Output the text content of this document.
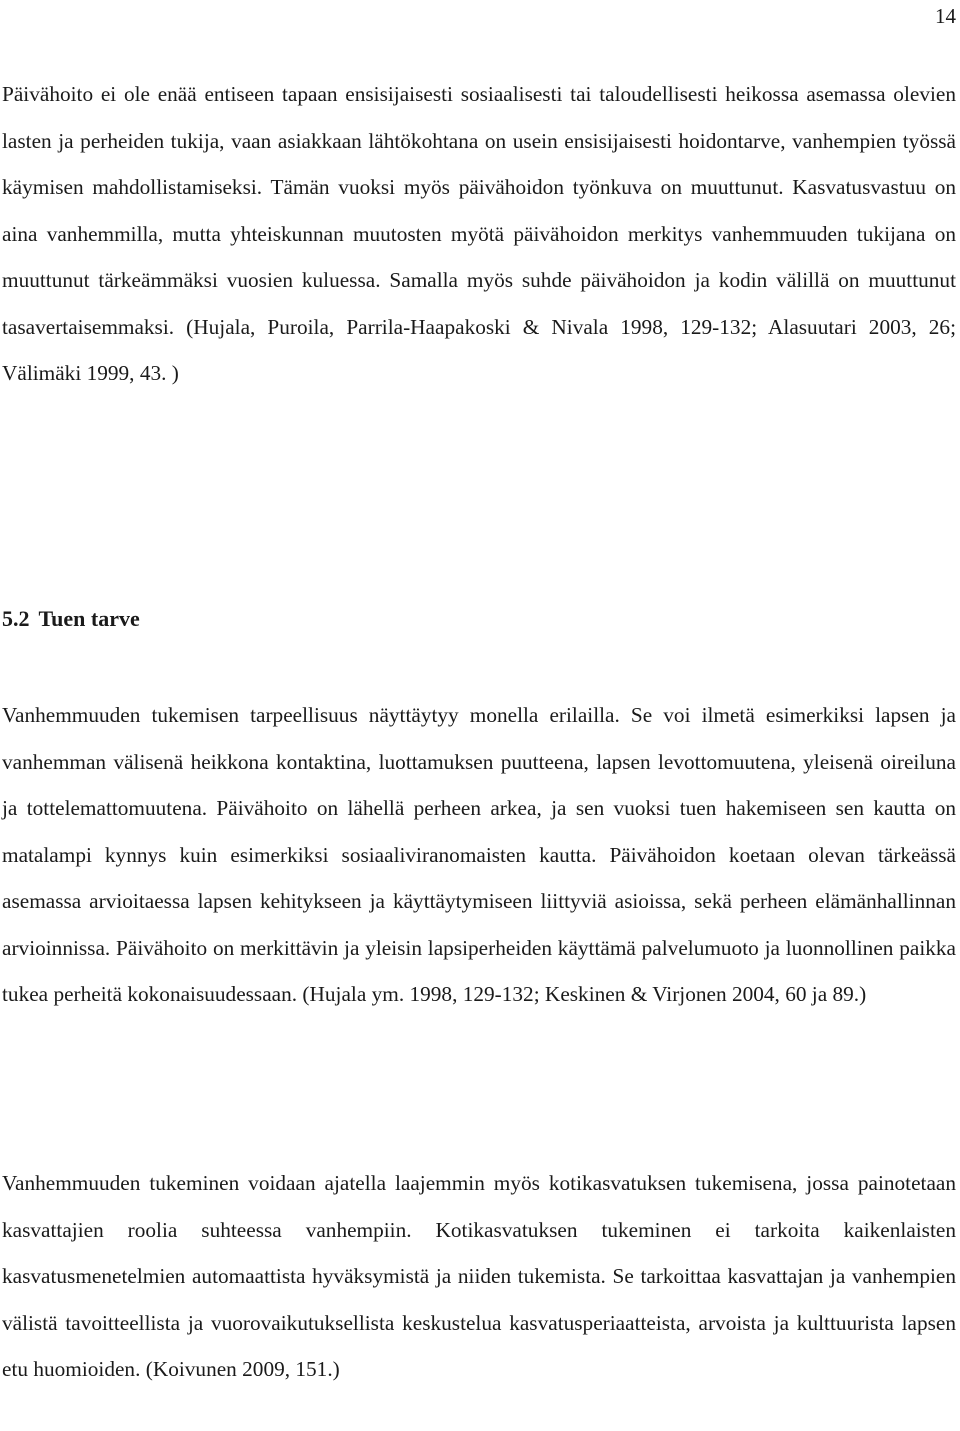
14

Päivähoito ei ole enää entiseen tapaan ensisijaisesti sosiaalisesti tai taloudellisesti heikossa asemassa olevien lasten ja perheiden tukija, vaan asiakkaan lähtökohtana on usein ensisijaisesti hoidontarve, vanhempien työssä käymisen mahdollistamiseksi. Tämän vuoksi myös päivähoidon työnkuva on muuttunut. Kasvatusvastuu on aina vanhemmilla, mutta yhteiskunnan muutosten myötä päivähoidon merkitys vanhemmuuden tukijana on muuttunut tärkeämmäksi vuosien kuluessa. Samalla myös suhde päivähoidon ja kodin välillä on muuttunut tasavertaisemmaksi. (Hujala, Puroila, Parrila-Haapakoski & Nivala 1998, 129-132; Alasuutari 2003, 26; Välimäki 1999, 43. )

5.2 Tuen tarve

Vanhemmuuden tukemisen tarpeellisuus näyttäytyy monella erilailla. Se voi ilmetä esimerkiksi lapsen ja vanhemman välisenä heikkona kontaktina, luottamuksen puutteena, lapsen levottomuutena, yleisenä oireiluna ja tottelemattomuutena. Päivähoito on lähellä perheen arkea, ja sen vuoksi tuen hakemiseen sen kautta on matalampi kynnys kuin esimerkiksi sosiaaliviranomaisten kautta. Päivähoidon koetaan olevan tärkeässä asemassa arvioitaessa lapsen kehitykseen ja käyttäytymiseen liittyviä asioissa, sekä perheen elämänhallinnan arvioinnissa. Päivähoito on merkittävin ja yleisin lapsiperheiden käyttämä palvelumuoto ja luonnollinen paikka tukea perheitä kokonaisuudessaan. (Hujala ym. 1998, 129-132; Keskinen & Virjonen 2004, 60 ja 89.)

Vanhemmuuden tukeminen voidaan ajatella laajemmin myös kotikasvatuksen tukemisena, jossa painotetaan kasvattajien roolia suhteessa vanhempiin. Kotikasvatuksen tukeminen ei tarkoita kaikenlaisten kasvatusmenetelmien automaattista hyväksymistä ja niiden tukemista. Se tarkoittaa kasvattajan ja vanhempien välistä tavoitteellista ja vuorovaikutuksellista keskustelua kasvatusperiaatteista, arvoista ja kulttuurista lapsen etu huomioiden. (Koivunen 2009, 151.)
